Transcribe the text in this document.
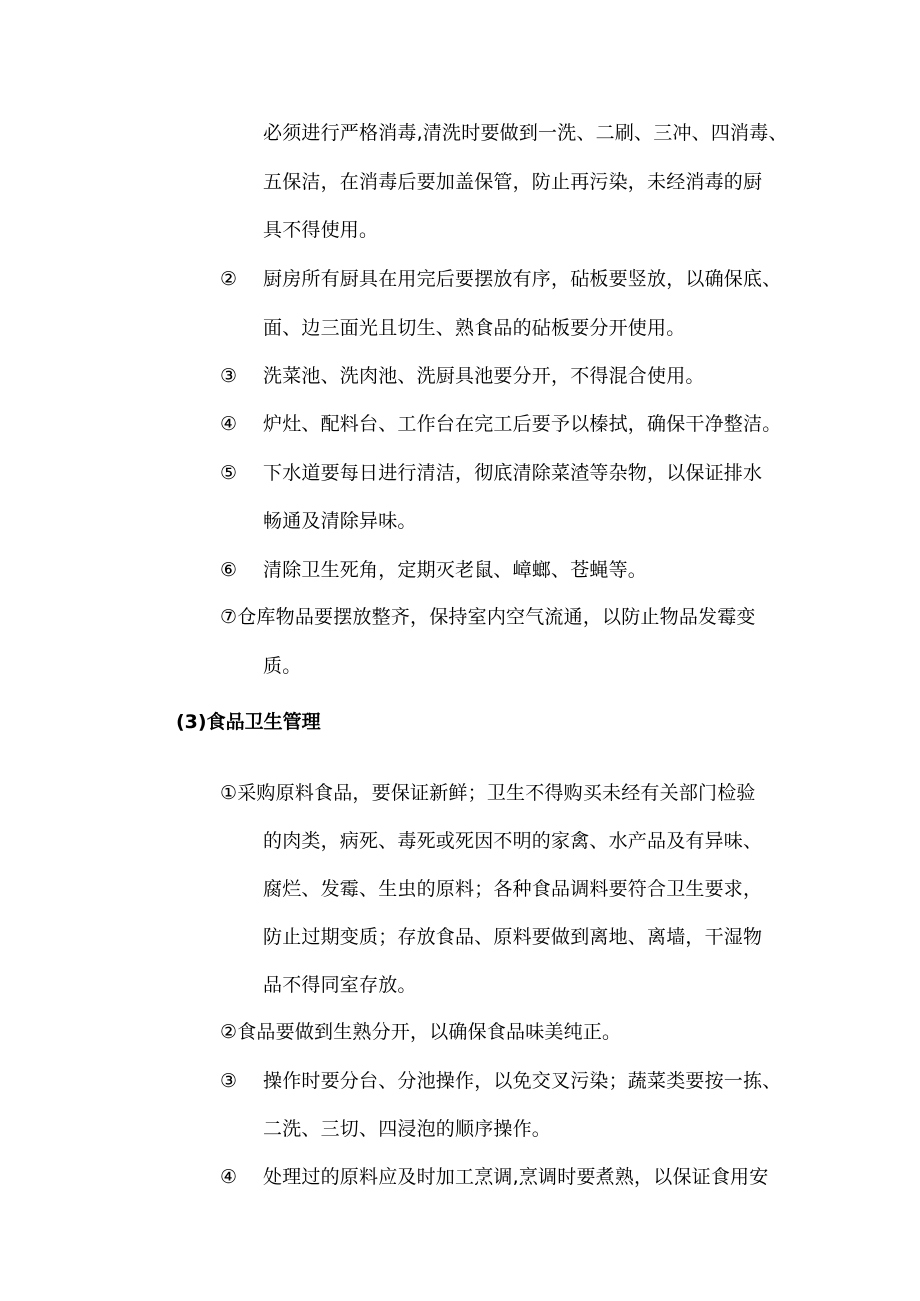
必须进行严格消毒,清洗时要做到一洗、二刷、三冲、四消毒、
五保洁，在消毒后要加盖保管，防止再污染，未经消毒的厨
具不得使用。
② 厨房所有厨具在用完后要摆放有序，砧板要竖放，以确保底、
面、边三面光且切生、熟食品的砧板要分开使用。
③ 洗菜池、洗肉池、洗厨具池要分开，不得混合使用。
④ 炉灶、配料台、工作台在完工后要予以榛拭，确保干净整洁。
⑤ 下水道要每日进行清洁，彻底清除菜渣等杂物，以保证排水
畅通及清除异味。
⑥ 清除卫生死角，定期灭老鼠、嶂螂、苍蝇等。
⑦仓库物品要摆放整齐，保持室内空气流通，以防止物品发霉变
质。
(3)食品卫生管理
①采购原料食品，要保证新鲜；卫生不得购买未经有关部门检验
的肉类，病死、毒死或死因不明的家禽、水产品及有异味、
腐烂、发霉、生虫的原料；各种食品调料要符合卫生要求，
防止过期变质；存放食品、原料要做到离地、离墙，干湿物
品不得同室存放。
②食品要做到生熟分开，以确保食品味美纯正。
③ 操作时要分台、分池操作，以免交叉污染；蔬菜类要按一拣、
二洗、三切、四浸泡的顺序操作。
④ 处理过的原料应及时加工烹调,烹调时要煮熟，以保证食用安
